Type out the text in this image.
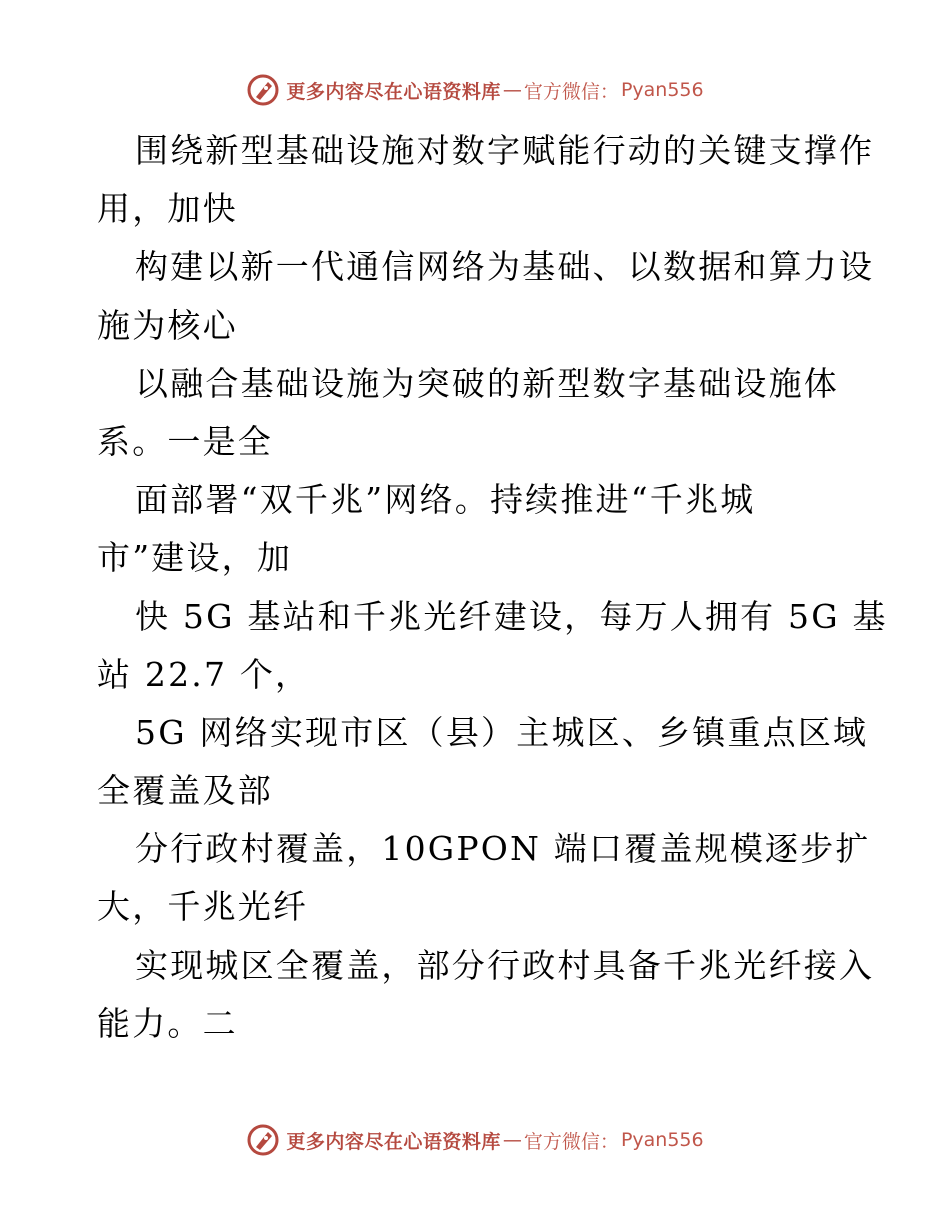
更多内容尽在心语资料库 — 官方微信： Pyan556
围绕新型基础设施对数字赋能行动的关键支撑作
用，加快
构建以新一代通信网络为基础、以数据和算力设
施为核心
以融合基础设施为突破的新型数字基础设施体
系。一是全
面部署“双千兆”网络。持续推进“千兆城
市”建设，加
快 5G 基站和千兆光纤建设，每万人拥有 5G 基
站 22.7 个，
5G 网络实现市区（县）主城区、乡镇重点区域
全覆盖及部
分行政村覆盖，10GPON 端口覆盖规模逐步扩
大，千兆光纤
实现城区全覆盖，部分行政村具备千兆光纤接入
能力。二
更多内容尽在心语资料库 — 官方微信： Pyan556
